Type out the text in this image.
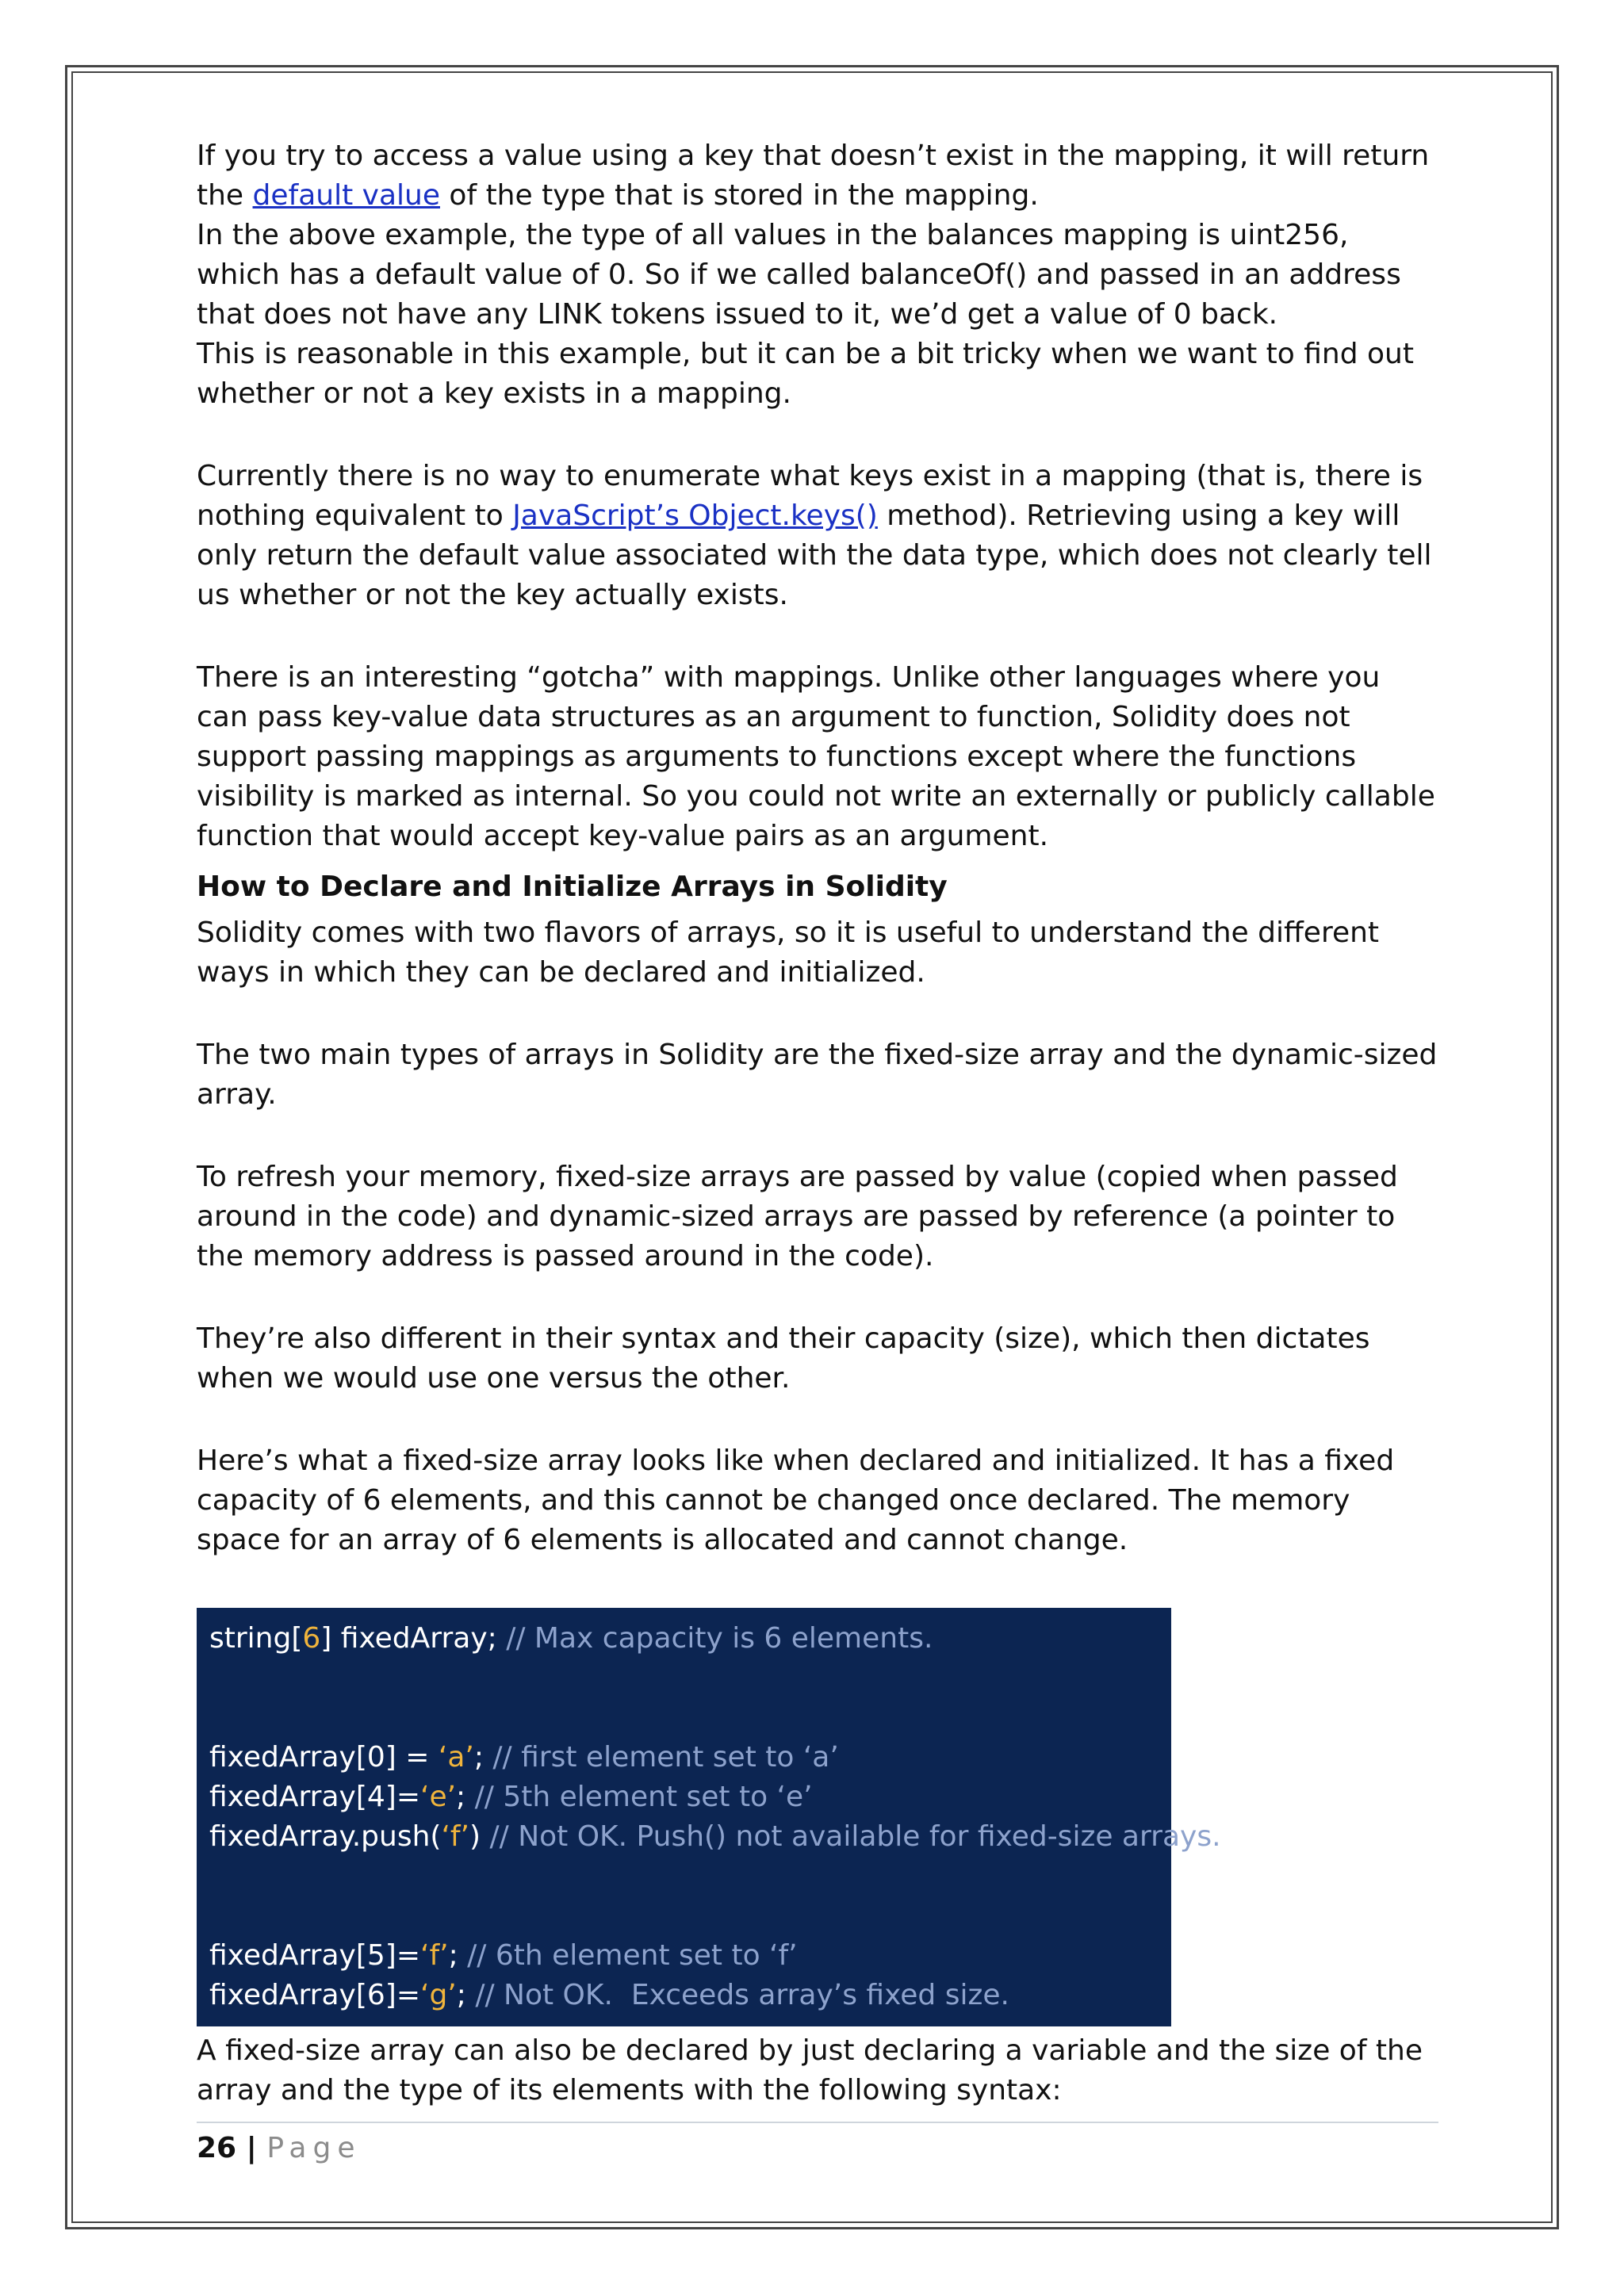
If you try to access a value using a key that doesn’t exist in the mapping, it will return the default value of the type that is stored in the mapping.

In the above example, the type of all values in the balances mapping is uint256, which has a default value of 0. So if we called balanceOf() and passed in an address that does not have any LINK tokens issued to it, we’d get a value of 0 back.

This is reasonable in this example, but it can be a bit tricky when we want to find out whether or not a key exists in a mapping.

Currently there is no way to enumerate what keys exist in a mapping (that is, there is nothing equivalent to JavaScript’s Object.keys() method). Retrieving using a key will only return the default value associated with the data type, which does not clearly tell us whether or not the key actually exists.

There is an interesting “gotcha” with mappings. Unlike other languages where you can pass key-value data structures as an argument to function, Solidity does not support passing mappings as arguments to functions except where the functions visibility is marked as internal. So you could not write an externally or publicly callable function that would accept key-value pairs as an argument.

How to Declare and Initialize Arrays in Solidity

Solidity comes with two flavors of arrays, so it is useful to understand the different ways in which they can be declared and initialized.

The two main types of arrays in Solidity are the fixed-size array and the dynamic-sized array.

To refresh your memory, fixed-size arrays are passed by value (copied when passed around in the code) and dynamic-sized arrays are passed by reference (a pointer to the memory address is passed around in the code).

They’re also different in their syntax and their capacity (size), which then dictates when we would use one versus the other.

Here’s what a fixed-size array looks like when declared and initialized. It has a fixed capacity of 6 elements, and this cannot be changed once declared. The memory space for an array of 6 elements is allocated and cannot change.

string[6] fixedArray; // Max capacity is 6 elements.
fixedArray[0] = ‘a’; // first element set to ‘a’
fixedArray[4]=‘e’; // 5th element set to ‘e’
fixedArray.push(‘f’) // Not OK. Push() not available for fixed-size arrays.
fixedArray[5]=‘f’; // 6th element set to ‘f’
fixedArray[6]=‘g’; // Not OK.  Exceeds array’s fixed size.

A fixed-size array can also be declared by just declaring a variable and the size of the array and the type of its elements with the following syntax:

26 | Page
